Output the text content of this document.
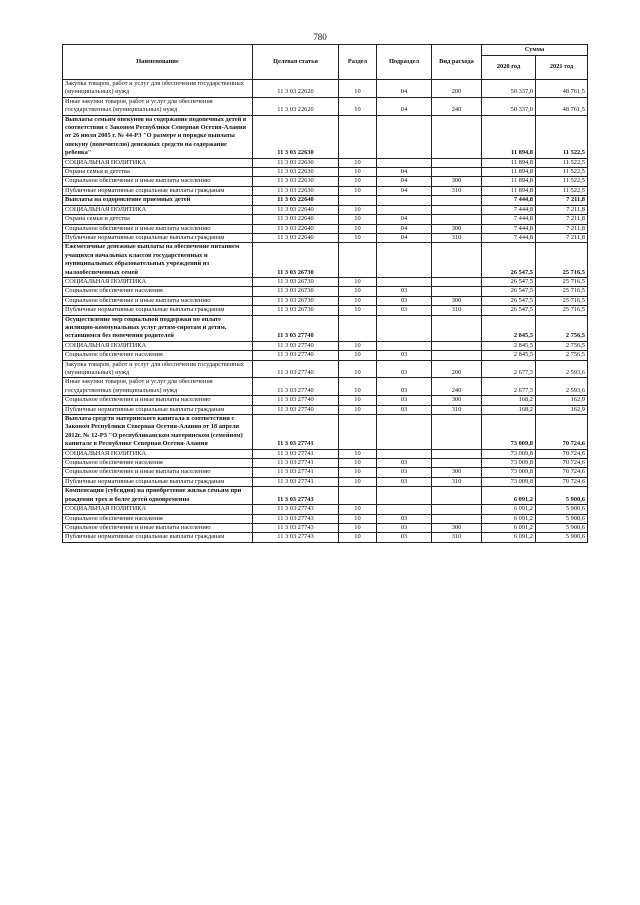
780
Наименование	Целевая статья	Раздел	Подраздел	Вид расхода	Сумма	
					2020 год	2021 год
Закупка товаров, работ и услуг для обеспечения государственных (муниципальных) нужд	11 3 03 22620	10	04	200	50 337,0	48 761,5
Иные закупки товаров, работ и услуг для обеспечения государственных (муниципальных) нужд	11 3 03 22620	10	04	240	50 337,0	48 761,5
Выплаты семьям опекунов на содержание подопечных детей в соответствии с Законом Республики Северная Осетия-Алания от 26 июля 2005 г. № 44-РЗ "О размере и порядке выплаты опекуну (попечителю) денежных средств на содержание ребенка"	11 3 03 22630				11 894,8	11 522,5
СОЦИАЛЬНАЯ ПОЛИТИКА	11 3 03 22630	10			11 894,8	11 522,5
Охрана семьи и детства	11 3 03 22630	10	04		11 894,8	11 522,5
Социальное обеспечение и иные выплаты населению	11 3 03 22630	10	04	300	11 894,8	11 522,5
Публичные нормативные социальные выплаты гражданам	11 3 03 22630	10	04	310	11 894,8	11 522,5
Выплаты на оздоровление приемных детей	11 3 03 22640				7 444,8	7 211,8
СОЦИАЛЬНАЯ ПОЛИТИКА	11 3 03 22640	10			7 444,8	7 211,8
Охрана семьи и детства	11 3 03 22640	10	04		7 444,8	7 211,8
Социальное обеспечение и иные выплаты населению	11 3 03 22640	10	04	300	7 444,8	7 211,8
Публичные нормативные социальные выплаты гражданам	11 3 03 22640	10	04	310	7 444,8	7 211,8
Ежемесячные денежные выплаты на обеспечение питанием учащихся начальных классов государственных и муниципальных образовательных учреждений из малообеспеченных семей	11 3 03 26730				26 547,5	25 716,5
СОЦИАЛЬНАЯ ПОЛИТИКА	11 3 03 26730	10			26 547,5	25 716,5
Социальное обеспечение населения	11 3 03 26730	10	03		26 547,5	25 716,5
Социальное обеспечение и иные выплаты населению	11 3 03 26730	10	03	300	26 547,5	25 716,5
Публичные нормативные социальные выплаты гражданам	11 3 03 26730	10	03	310	26 547,5	25 716,5
Осуществление мер социальной поддержки по оплате жилищно-коммунальных услуг детям-сиротам и детям, оставшимся без попечения родителей	11 3 03 27740				2 845,5	2 756,5
СОЦИАЛЬНАЯ ПОЛИТИКА	11 3 03 27740	10			2 845,5	2 756,5
Социальное обеспечение населения	11 3 03 27740	10	03		2 845,5	2 756,5
Закупка товаров, работ и услуг для обеспечения государственных (муниципальных) нужд	11 3 03 27740	10	03	200	2 677,3	2 593,6
Иные закупки товаров, работ и услуг для обеспечения государственных (муниципальных) нужд	11 3 03 27740	10	03	240	2 677,3	2 593,6
Социальное обеспечение и иные выплаты населению	11 3 03 27740	10	03	300	168,2	162,9
Публичные нормативные социальные выплаты гражданам	11 3 03 27740	10	03	310	168,2	162,9
Выплата средств материнского капитала в соответствии с Законом Республики Северная Осетия-Алания от 18 апреля 2012г. № 12-РЗ "О республиканском материнском (семейном) капитале в Республике Северная Осетия-Алания	11 3 03 27741				73 009,8	70 724,6
СОЦИАЛЬНАЯ ПОЛИТИКА	11 3 03 27741	10			73 009,8	70 724,6
Социальное обеспечение населения	11 3 03 27741	10	03		73 009,8	70 724,6
Социальное обеспечение и иные выплаты населению	11 3 03 27741	10	03	300	73 009,8	70 724,6
Публичные нормативные социальные выплаты гражданам	11 3 03 27741	10	03	310	73 009,8	70 724,6
Компенсация (субсидия) на приобретение жилья семьям при рождении трех и более детей одновременно	11 3 03 27743				6 091,2	5 900,6
СОЦИАЛЬНАЯ ПОЛИТИКА	11 3 03 27743	10			6 091,2	5 900,6
Социальное обеспечение населения	11 3 03 27743	10	03		6 091,2	5 900,6
Социальное обеспечение и иные выплаты населению	11 3 03 27743	10	03	300	6 091,2	5 900,6
Публичные нормативные социальные выплаты гражданам	11 3 03 27743	10	03	310	6 091,2	5 900,6
